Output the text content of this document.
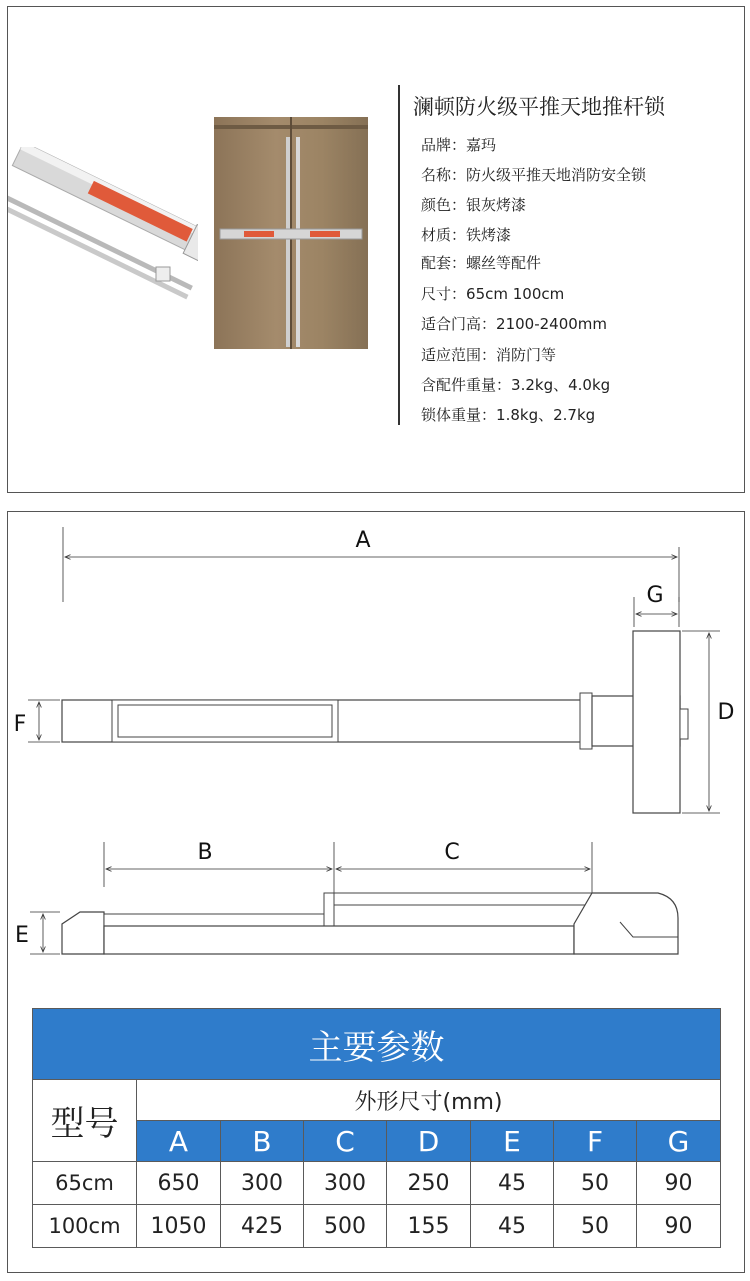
澜顿防火级平推天地推杆锁
品牌：嘉玛
名称：防火级平推天地消防安全锁
颜色：银灰烤漆
材质：铁烤漆
配套：螺丝等配件
尺寸：65cm 100cm
适合门高：2100-2400mm
适应范围：消防门等
含配件重量：3.2kg、4.0kg
锁体重量：1.8kg、2.7kg
A
G
F	D
B	C
E
主要参数							
型号	外形尺寸(mm)						
	A	B	C	D	E	F	G
65cm	650	300	300	250	45	50	90
100cm	1050	425	500	155	45	50	90
